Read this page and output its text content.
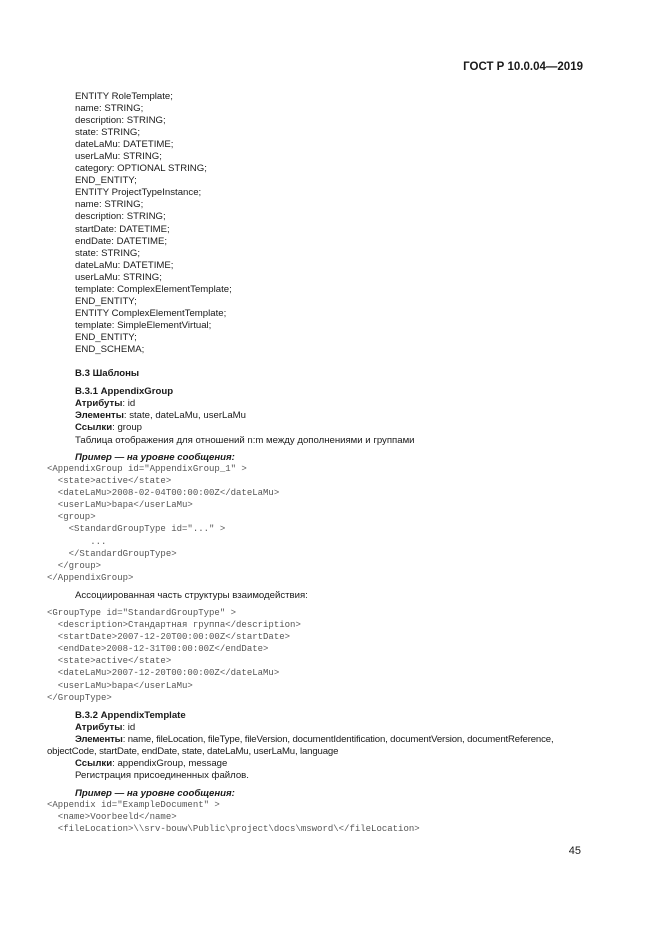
ГОСТ Р 10.0.04—2019
ENTITY RoleTemplate;
name: STRING;
description: STRING;
state: STRING;
dateLaMu: DATETIME;
userLaMu: STRING;
category: OPTIONAL STRING;
END_ENTITY;
ENTITY ProjectTypeInstance;
name: STRING;
description: STRING;
startDate: DATETIME;
endDate: DATETIME;
state: STRING;
dateLaMu: DATETIME;
userLaMu: STRING;
template: ComplexElementTemplate;
END_ENTITY;
ENTITY ComplexElementTemplate;
template: SimpleElementVirtual;
END_ENTITY;
END_SCHEMA;
В.3 Шаблоны
В.3.1 AppendixGroup
Атрибуты: id
Элементы: state, dateLaMu, userLaMu
Ссылки: group
Таблица отображения для отношений n:m между дополнениями и группами
Пример — на уровне сообщения:
<AppendixGroup id="AppendixGroup_1" >
<state>active</state>
<dateLaMu>2008-02-04T00:00:00Z</dateLaMu>
<userLaMu>bapa</userLaMu>
<group>
<StandardGroupType id="..." >
...
</StandardGroupType>
</group>
</AppendixGroup>
Ассоциированная часть структуры взаимодействия:
<GroupType id="StandardGroupType" >
<description>Стандартная группа</description>
<startDate>2007-12-20T00:00:00Z</startDate>
<endDate>2008-12-31T00:00:00Z</endDate>
<state>active</state>
<dateLaMu>2007-12-20T00:00:00Z</dateLaMu>
<userLaMu>bapa</userLaMu>
</GroupType>
В.3.2 AppendixTemplate
Атрибуты: id
Элементы: name, fileLocation, fileType, fileVersion, documentIdentification, documentVersion, documentReference, objectCode, startDate, endDate, state, dateLaMu, userLaMu, language
Ссылки: appendixGroup, message
Регистрация присоединенных файлов.
Пример — на уровне сообщения:
<Appendix id="ExampleDocument" >
<name>Voorbeeld</name>
<fileLocation>\\srv-bouw\Public\project\docs\msword\</fileLocation>
45
